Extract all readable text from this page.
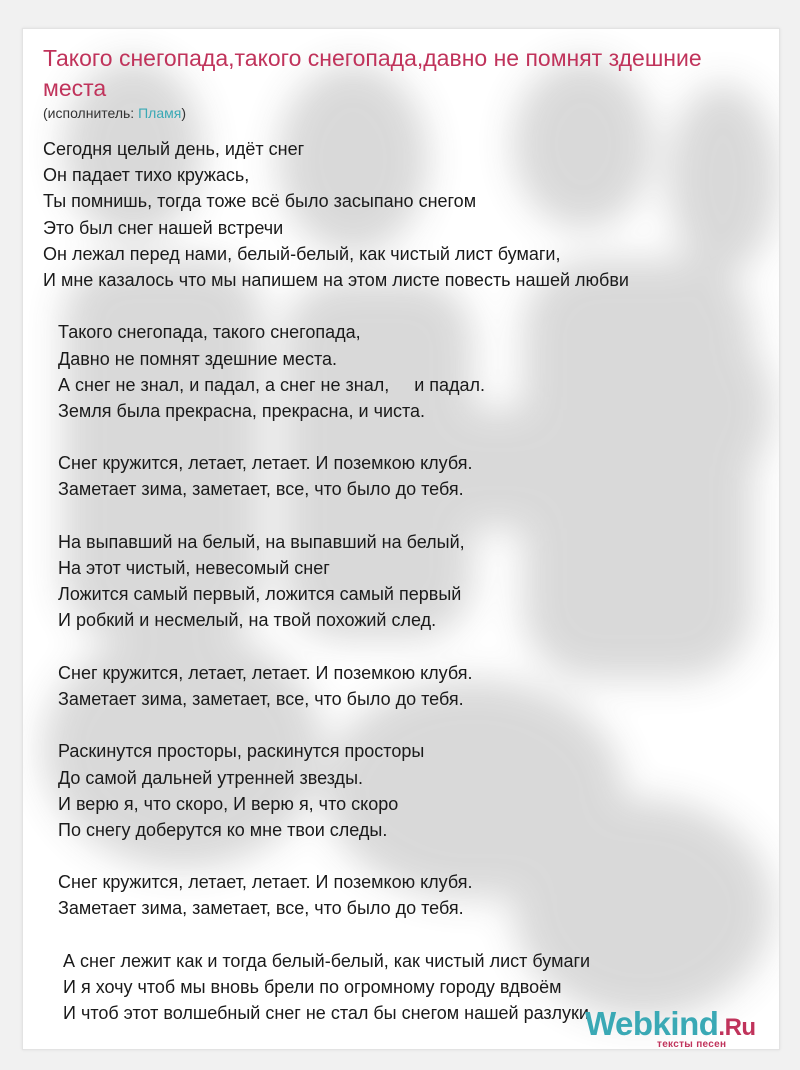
Такого снегопада,такого снегопада,давно не помнят здешние места
(исполнитель: Пламя)
Сегодня целый день, идёт снег
Он падает тихо кружась,
Ты помнишь, тогда тоже всё было засыпано снегом
Это был снег нашей встречи
Он лежал перед нами, белый-белый, как чистый лист бумаги,
И мне казалось что мы напишем на этом листе повесть нашей любви
Такого снегопада, такого снегопада,
Давно не помнят здешние места.
А снег не знал, и падал, а снег не знал,     и падал.
Земля была прекрасна, прекрасна, и чиста.
Снег кружится, летает, летает. И поземкою клубя.
Заметает зима, заметает, все, что было до тебя.
На выпавший на белый, на выпавший на белый,
На этот чистый, невесомый снег
Ложится самый первый, ложится самый первый
И робкий и несмелый, на твой похожий след.
Снег кружится, летает, летает. И поземкою клубя.
Заметает зима, заметает, все, что было до тебя.
Раскинутся просторы, раскинутся просторы
До самой дальней утренней звезды.
И верю я, что скоро, И верю я, что скоро
По снегу доберутся ко мне твои следы.
Снег кружится, летает, летает. И поземкою клубя.
Заметает зима, заметает, все, что было до тебя.
А снег лежит как и тогда белый-белый, как чистый лист бумаги
И я хочу чтоб мы вновь брели по огромному городу вдвоём
И чтоб этот волшебный снег не стал бы снегом нашей разлуки
Webkind.Ru
тексты песен
